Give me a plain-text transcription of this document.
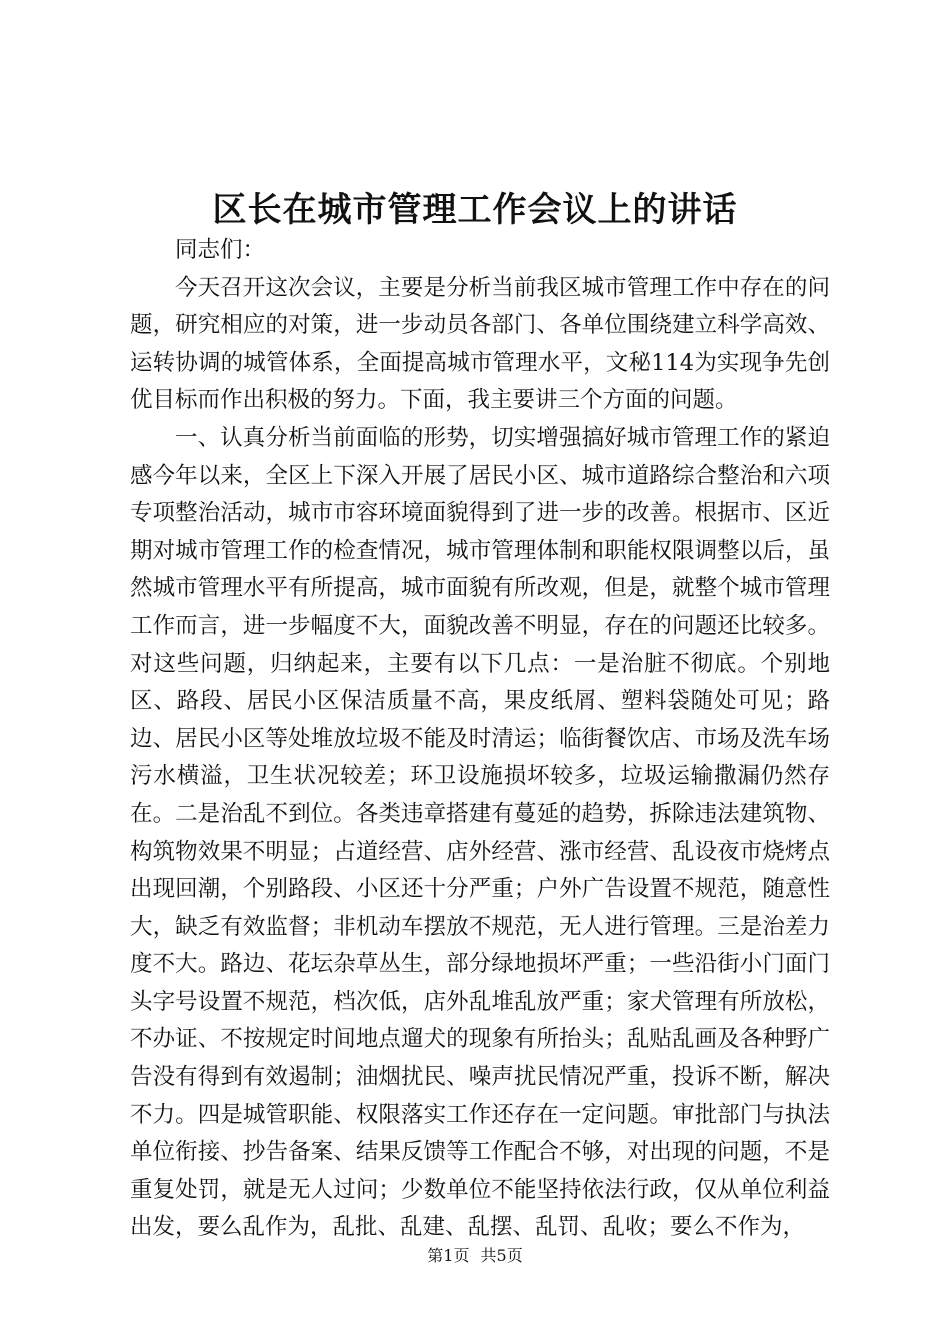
区长在城市管理工作会议上的讲话

同志们：

今天召开这次会议，主要是分析当前我区城市管理工作中存在的问题，研究相应的对策，进一步动员各部门、各单位围绕建立科学高效、运转协调的城管体系，全面提高城市管理水平，文秘114为实现争先创优目标而作出积极的努力。下面，我主要讲三个方面的问题。

一、认真分析当前面临的形势，切实增强搞好城市管理工作的紧迫感今年以来，全区上下深入开展了居民小区、城市道路综合整治和六项专项整治活动，城市市容环境面貌得到了进一步的改善。根据市、区近期对城市管理工作的检查情况，城市管理体制和职能权限调整以后，虽然城市管理水平有所提高，城市面貌有所改观，但是，就整个城市管理工作而言，进一步幅度不大，面貌改善不明显，存在的问题还比较多。对这些问题，归纳起来，主要有以下几点：一是治脏不彻底。个别地区、路段、居民小区保洁质量不高，果皮纸屑、塑料袋随处可见；路边、居民小区等处堆放垃圾不能及时清运；临街餐饮店、市场及洗车场污水横溢，卫生状况较差；环卫设施损坏较多，垃圾运输撒漏仍然存在。二是治乱不到位。各类违章搭建有蔓延的趋势，拆除违法建筑物、构筑物效果不明显；占道经营、店外经营、涨市经营、乱设夜市烧烤点出现回潮，个别路段、小区还十分严重；户外广告设置不规范，随意性大，缺乏有效监督；非机动车摆放不规范，无人进行管理。三是治差力度不大。路边、花坛杂草丛生，部分绿地损坏严重；一些沿街小门面门头字号设置不规范，档次低，店外乱堆乱放严重；家犬管理有所放松，不办证、不按规定时间地点遛犬的现象有所抬头；乱贴乱画及各种野广告没有得到有效遏制；油烟扰民、噪声扰民情况严重，投诉不断，解决不力。四是城管职能、权限落实工作还存在一定问题。审批部门与执法单位衔接、抄告备案、结果反馈等工作配合不够，对出现的问题，不是重复处罚，就是无人过问；少数单位不能坚持依法行政，仅从单位利益出发，要么乱作为，乱批、乱建、乱摆、乱罚、乱收；要么不作为，

第1页 共5页
